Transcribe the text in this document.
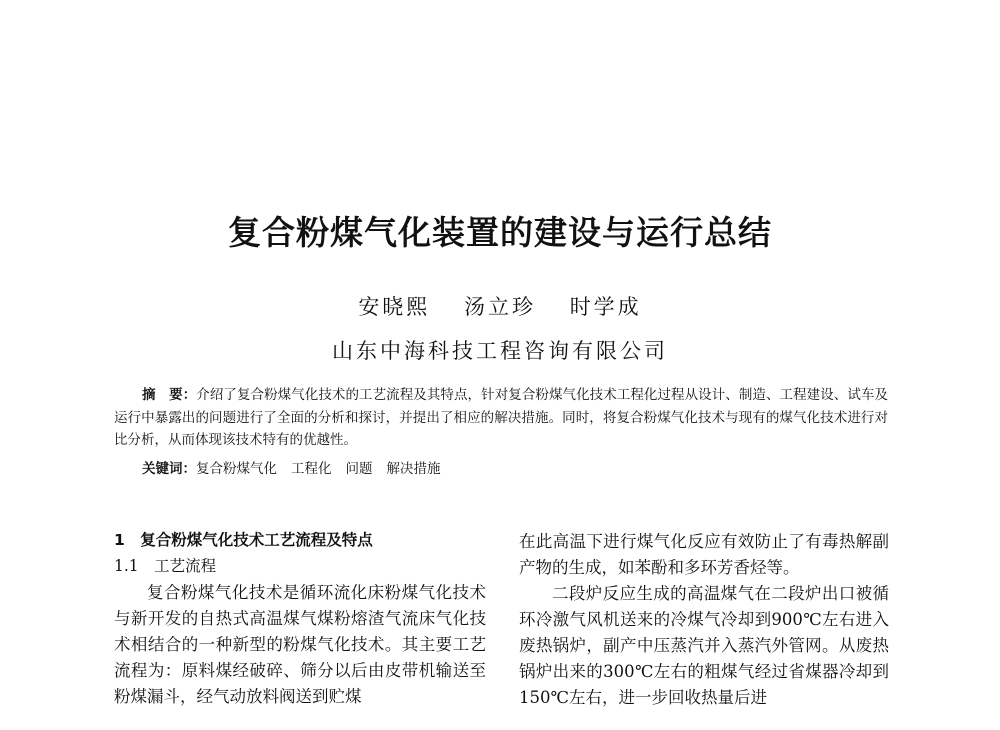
复合粉煤气化装置的建设与运行总结
安晓熙 汤立珍 时学成
山东中海科技工程咨询有限公司
摘　要：介绍了复合粉煤气化技术的工艺流程及其特点，针对复合粉煤气化技术工程化过程从设计、制造、工程建设、试车及运行中暴露出的问题进行了全面的分析和探讨，并提出了相应的解决措施。同时，将复合粉煤气化技术与现有的煤气化技术进行对比分析，从而体现该技术特有的优越性。
关键词：复合粉煤气化 工程化 问题 解决措施
1　复合粉煤气化技术工艺流程及特点
1.1　工艺流程

复合粉煤气化技术是循环流化床粉煤气化技术与新开发的自热式高温煤气煤粉熔渣气流床气化技术相结合的一种新型的粉煤气化技术。其主要工艺流程为：原料煤经破碎、筛分以后由皮带机输送至粉煤漏斗，经气动放料阀送到贮煤

在此高温下进行煤气化反应有效防止了有毒热解副产物的生成，如苯酚和多环芳香烃等。

二段炉反应生成的高温煤气在二段炉出口被循环冷激气风机送来的冷煤气冷却到900℃左右进入废热锅炉，副产中压蒸汽并入蒸汽外管网。从废热锅炉出来的300℃左右的粗煤气经过省煤器冷却到150℃左右，进一步回收热量后进
